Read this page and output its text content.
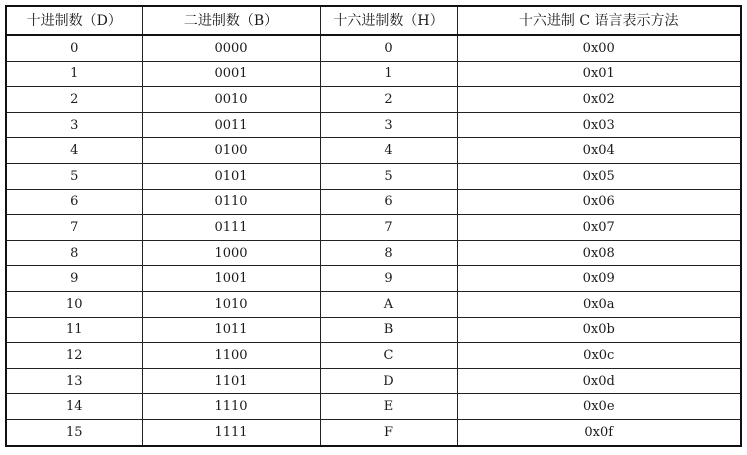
十进制数（D）	二进制数（B）	十六进制数（H）	十六进制 C 语言表示方法
0	0000	0	0x00
1	0001	1	0x01
2	0010	2	0x02
3	0011	3	0x03
4	0100	4	0x04
5	0101	5	0x05
6	0110	6	0x06
7	0111	7	0x07
8	1000	8	0x08
9	1001	9	0x09
10	1010	A	0x0a
11	1011	B	0x0b
12	1100	C	0x0c
13	1101	D	0x0d
14	1110	E	0x0e
15	1111	F	0x0f
